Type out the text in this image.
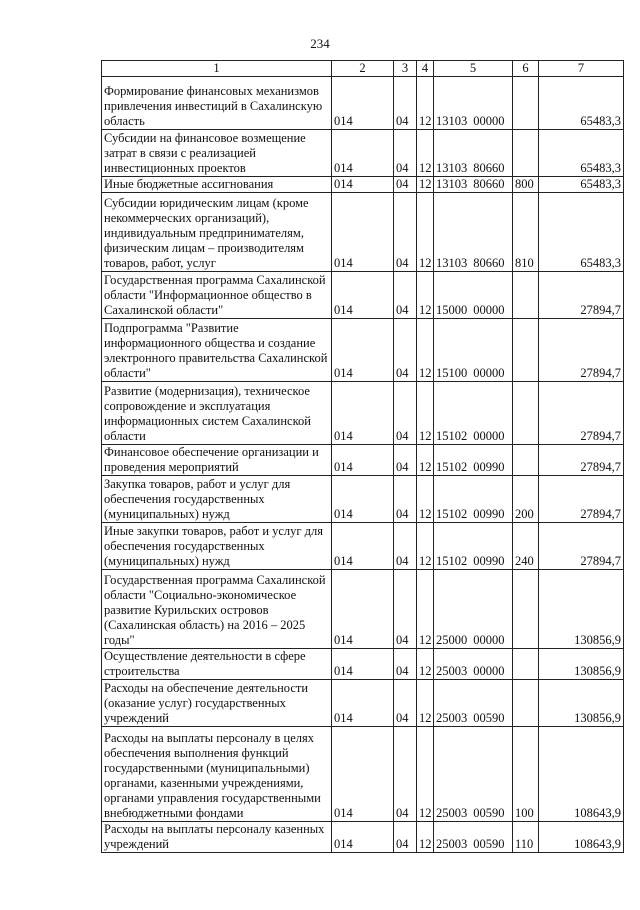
234
1	2	3	4	5	6	7
Формирование финансовых механизмов привлечения инвестиций в Сахалинскую область	014	04	12	13103 00000		65483,3
Субсидии на финансовое возмещение затрат в связи с реализацией инвестиционных проектов	014	04	12	13103 80660		65483,3
Иные бюджетные ассигнования	014	04	12	13103 80660	800	65483,3
Субсидии юридическим лицам (кроме некоммерческих организаций), индивидуальным предпринимателям, физическим лицам – производителям товаров, работ, услуг	014	04	12	13103 80660	810	65483,3
Государственная программа Сахалинской области "Информационное общество в Сахалинской области"	014	04	12	15000 00000		27894,7
Подпрограмма "Развитие информационного общества и создание электронного правительства Сахалинской области"	014	04	12	15100 00000		27894,7
Развитие (модернизация), техническое сопровождение и эксплуатация информационных систем Сахалинской области	014	04	12	15102 00000		27894,7
Финансовое обеспечение организации и проведения мероприятий	014	04	12	15102 00990		27894,7
Закупка товаров, работ и услуг для обеспечения государственных (муниципальных) нужд	014	04	12	15102 00990	200	27894,7
Иные закупки товаров, работ и услуг для обеспечения государственных (муниципальных) нужд	014	04	12	15102 00990	240	27894,7
Государственная программа Сахалинской области "Социально-экономическое развитие Курильских островов (Сахалинская область) на 2016 – 2025 годы"	014	04	12	25000 00000		130856,9
Осуществление деятельности в сфере строительства	014	04	12	25003 00000		130856,9
Расходы на обеспечение деятельности (оказание услуг) государственных учреждений	014	04	12	25003 00590		130856,9
Расходы на выплаты персоналу в целях обеспечения выполнения функций государственными (муниципальными) органами, казенными учреждениями, органами управления государственными внебюджетными фондами	014	04	12	25003 00590	100	108643,9
Расходы на выплаты персоналу казенных учреждений	014	04	12	25003 00590	110	108643,9
